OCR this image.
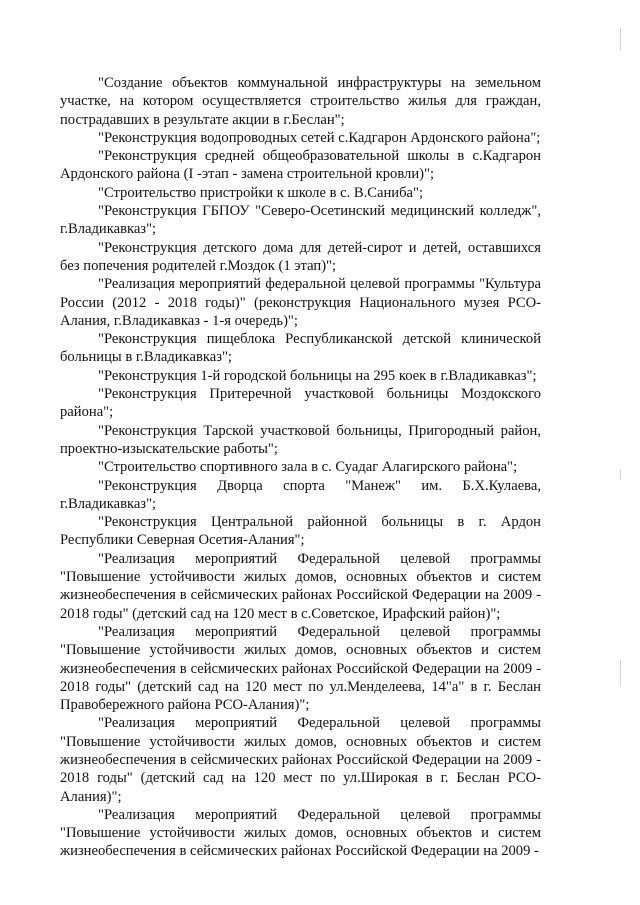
"Создание объектов коммунальной инфраструктуры на земельном участке, на котором осуществляется строительство жилья для граждан, пострадавших в результате акции в г.Беслан";

"Реконструкция водопроводных сетей с.Кадгарон Ардонского района";

"Реконструкция средней общеобразовательной школы в с.Кадгарон Ардонского района (I -этап - замена строительной кровли)";

"Строительство пристройки к школе в с. В.Саниба";

"Реконструкция ГБПОУ "Северо-Осетинский медицинский колледж", г.Владикавказ";

"Реконструкция детского дома для детей-сирот и детей, оставшихся без попечения родителей г.Моздок (1 этап)";

"Реализация мероприятий федеральной целевой программы "Культура России (2012 - 2018 годы)" (реконструкция Национального музея РСО-Алания, г.Владикавказ - 1-я очередь)";

"Реконструкция пищеблока Республиканской детской клинической больницы в г.Владикавказ";

"Реконструкция 1-й городской больницы на 295 коек в г.Владикавказ";

"Реконструкция Притеречной участковой больницы Моздокского района";

"Реконструкция Тарской участковой больницы, Пригородный район, проектно-изыскательские работы";

"Строительство спортивного зала в с. Суадаг Алагирского района";

"Реконструкция Дворца спорта "Манеж" им. Б.Х.Кулаева, г.Владикавказ";

"Реконструкция Центральной районной больницы в г. Ардон Республики Северная Осетия-Алания";

"Реализация мероприятий Федеральной целевой программы "Повышение устойчивости жилых домов, основных объектов и систем жизнеобеспечения в сейсмических районах Российской Федерации на 2009 - 2018 годы" (детский сад на 120 мест в с.Советское, Ирафский район)";

"Реализация мероприятий Федеральной целевой программы "Повышение устойчивости жилых домов, основных объектов и систем жизнеобеспечения в сейсмических районах Российской Федерации на 2009 - 2018 годы" (детский сад на 120 мест по ул.Менделеева, 14"а" в г. Беслан Правобережного района РСО-Алания)";

"Реализация мероприятий Федеральной целевой программы "Повышение устойчивости жилых домов, основных объектов и систем жизнеобеспечения в сейсмических районах Российской Федерации на 2009 - 2018 годы" (детский сад на 120 мест по ул.Широкая в г. Беслан РСО-Алания)";

"Реализация мероприятий Федеральной целевой программы "Повышение устойчивости жилых домов, основных объектов и систем жизнеобеспечения в сейсмических районах Российской Федерации на 2009 -
